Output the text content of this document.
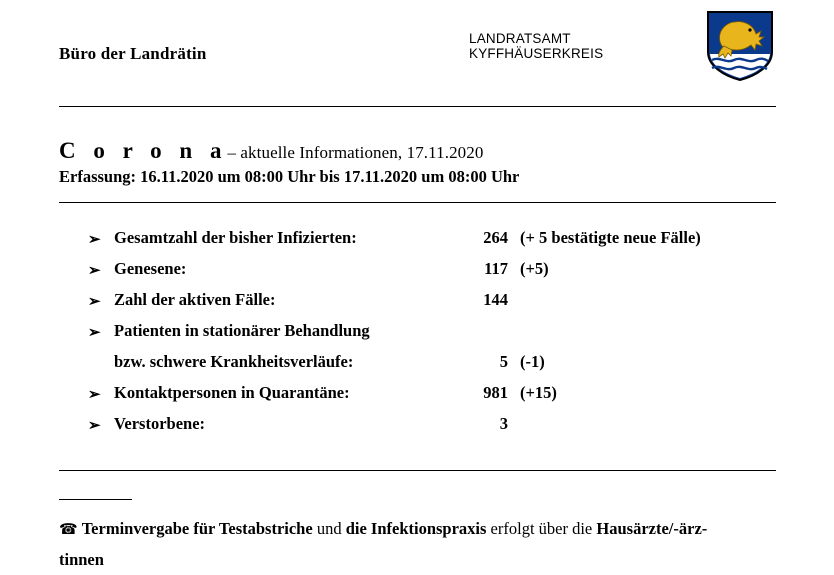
Büro der Landrätin
LANDRATSAMT
KYFFHÄUSERKREIS
C o r o n a– aktuelle Informationen, 17.11.2020
Erfassung: 16.11.2020 um 08:00 Uhr bis 17.11.2020 um 08:00 Uhr
➢ Gesamtzahl der bisher Infizierten:	264 (+ 5 bestätigte neue Fälle)
➢ Genesene:	117 (+5)
➢ Zahl der aktiven Fälle:	144
➢ Patienten in stationärer Behandlung
bzw. schwere Krankheitsverläufe:	5 (-1)
➢ Kontaktpersonen in Quarantäne:	981 (+15)
➢ Verstorbene:	3
☎ Terminvergabe für Testabstriche und die Infektionspraxis erfolgt über die Hausärzte/-ärz-
tinnen
